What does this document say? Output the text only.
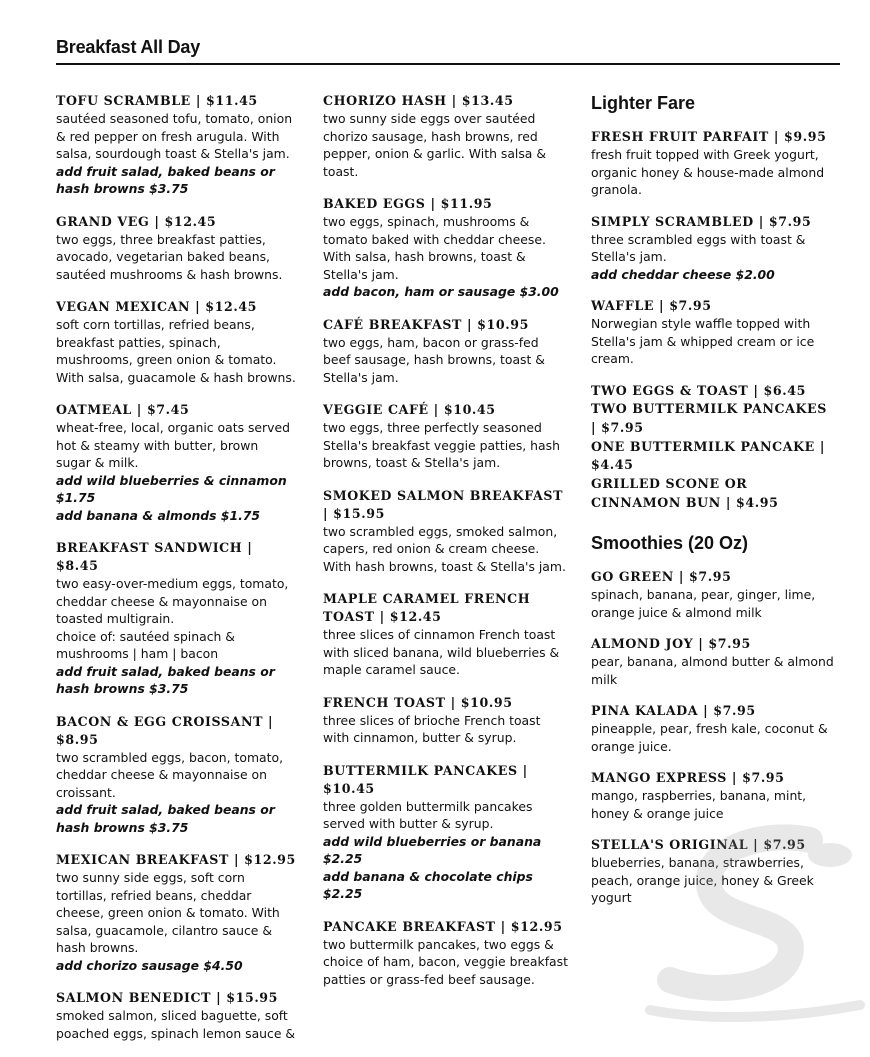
Breakfast All Day
TOFU SCRAMBLE | $11.45
sautéed seasoned tofu, tomato, onion & red pepper on fresh arugula. With salsa, sourdough toast & Stella's jam.
add fruit salad, baked beans or hash browns $3.75
GRAND VEG | $12.45
two eggs, three breakfast patties, avocado, vegetarian baked beans, sautéed mushrooms & hash browns.
VEGAN MEXICAN | $12.45
soft corn tortillas, refried beans, breakfast patties, spinach, mushrooms, green onion & tomato. With salsa, guacamole & hash browns.
OATMEAL | $7.45
wheat-free, local, organic oats served hot & steamy with butter, brown sugar & milk.
add wild blueberries & cinnamon $1.75
add banana & almonds $1.75
BREAKFAST SANDWICH | $8.45
two easy-over-medium eggs, tomato, cheddar cheese & mayonnaise on toasted multigrain.
choice of: sautéed spinach & mushrooms | ham | bacon
add fruit salad, baked beans or hash browns $3.75
BACON & EGG CROISSANT | $8.95
two scrambled eggs, bacon, tomato, cheddar cheese & mayonnaise on croissant.
add fruit salad, baked beans or hash browns $3.75
MEXICAN BREAKFAST | $12.95
two sunny side eggs, soft corn tortillas, refried beans, cheddar cheese, green onion & tomato. With salsa, guacamole, cilantro sauce & hash browns.
add chorizo sausage $4.50
SALMON BENEDICT | $15.95
smoked salmon, sliced baguette, soft poached eggs, spinach lemon sauce &
CHORIZO HASH | $13.45
two sunny side eggs over sautéed chorizo sausage, hash browns, red pepper, onion & garlic. With salsa & toast.
BAKED EGGS | $11.95
two eggs, spinach, mushrooms & tomato baked with cheddar cheese. With salsa, hash browns, toast & Stella's jam.
add bacon, ham or sausage $3.00
CAFÉ BREAKFAST | $10.95
two eggs, ham, bacon or grass-fed beef sausage, hash browns, toast & Stella's jam.
VEGGIE CAFÉ | $10.45
two eggs, three perfectly seasoned Stella's breakfast veggie patties, hash browns, toast & Stella's jam.
SMOKED SALMON BREAKFAST | $15.95
two scrambled eggs, smoked salmon, capers, red onion & cream cheese. With hash browns, toast & Stella's jam.
MAPLE CARAMEL FRENCH TOAST | $12.45
three slices of cinnamon French toast with sliced banana, wild blueberries & maple caramel sauce.
FRENCH TOAST | $10.95
three slices of brioche French toast with cinnamon, butter & syrup.
BUTTERMILK PANCAKES | $10.45
three golden buttermilk pancakes served with butter & syrup.
add wild blueberries or banana $2.25
add banana & chocolate chips $2.25
PANCAKE BREAKFAST | $12.95
two buttermilk pancakes, two eggs & choice of ham, bacon, veggie breakfast patties or grass-fed beef sausage.
Lighter Fare
FRESH FRUIT PARFAIT | $9.95
fresh fruit topped with Greek yogurt, organic honey & house-made almond granola.
SIMPLY SCRAMBLED | $7.95
three scrambled eggs with toast & Stella's jam.
add cheddar cheese $2.00
WAFFLE | $7.95
Norwegian style waffle topped with Stella's jam & whipped cream or ice cream.
TWO EGGS & TOAST | $6.45
TWO BUTTERMILK PANCAKES | $7.95
ONE BUTTERMILK PANCAKE | $4.45
GRILLED SCONE OR CINNAMON BUN | $4.95
Smoothies (20 Oz)
GO GREEN | $7.95
spinach, banana, pear, ginger, lime, orange juice & almond milk
ALMOND JOY | $7.95
pear, banana, almond butter & almond milk
PINA KALADA | $7.95
pineapple, pear, fresh kale, coconut & orange juice.
MANGO EXPRESS | $7.95
mango, raspberries, banana, mint, honey & orange juice
STELLA'S ORIGINAL | $7.95
blueberries, banana, strawberries, peach, orange juice, honey & Greek yogurt
